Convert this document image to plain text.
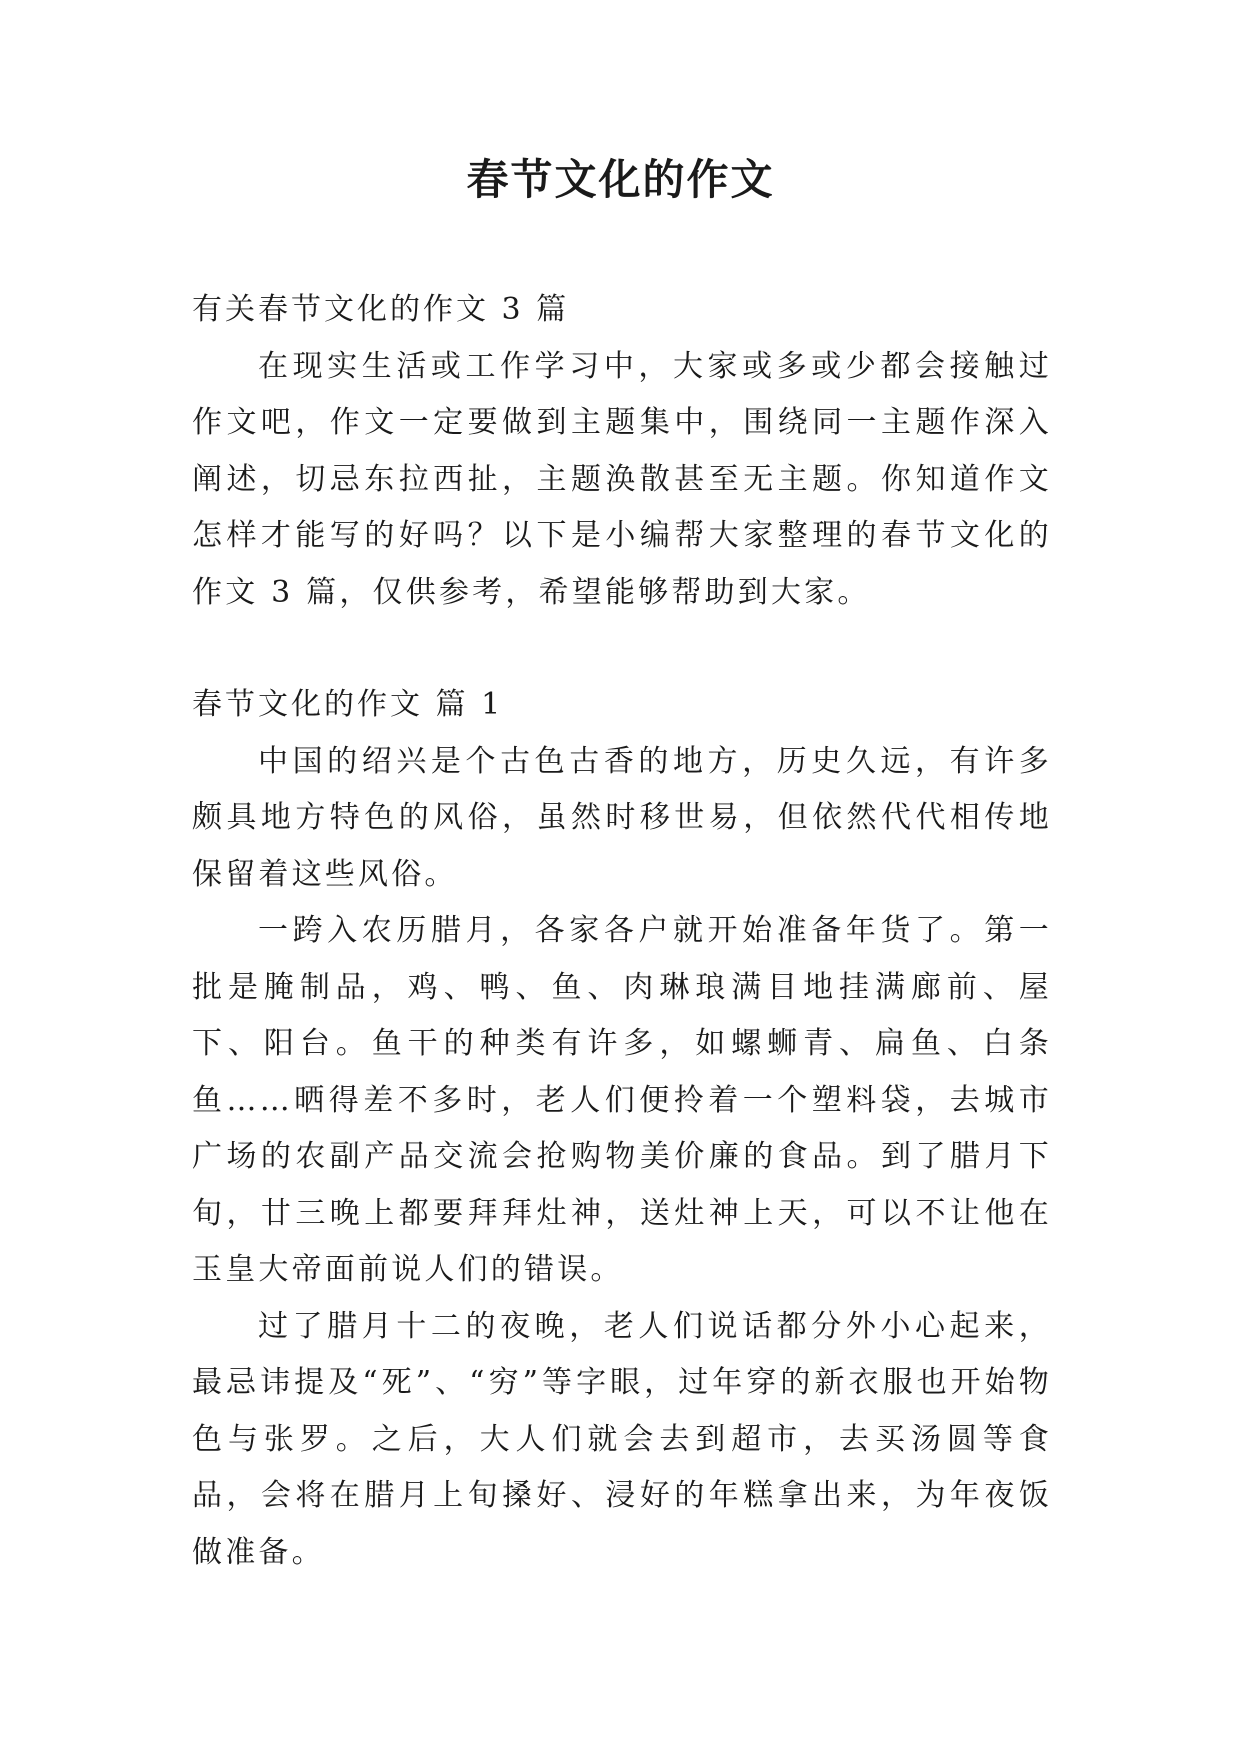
春节文化的作文

有关春节文化的作文 3 篇

在现实生活或工作学习中，大家或多或少都会接触过作文吧，作文一定要做到主题集中，围绕同一主题作深入阐述，切忌东拉西扯，主题涣散甚至无主题。你知道作文怎样才能写的好吗？以下是小编帮大家整理的春节文化的作文 3 篇，仅供参考，希望能够帮助到大家。

春节文化的作文 篇 1

中国的绍兴是个古色古香的地方，历史久远，有许多颇具地方特色的风俗，虽然时移世易，但依然代代相传地保留着这些风俗。

一跨入农历腊月，各家各户就开始准备年货了。第一批是腌制品，鸡、鸭、鱼、肉琳琅满目地挂满廊前、屋下、阳台。鱼干的种类有许多，如螺蛳青、扁鱼、白条鱼……晒得差不多时，老人们便拎着一个塑料袋，去城市广场的农副产品交流会抢购物美价廉的食品。到了腊月下旬，廿三晚上都要拜拜灶神，送灶神上天，可以不让他在玉皇大帝面前说人们的错误。

过了腊月十二的夜晚，老人们说话都分外小心起来，最忌讳提及“死”、“穷”等字眼，过年穿的新衣服也开始物色与张罗。之后，大人们就会去到超市，去买汤圆等食品，会将在腊月上旬搡好、浸好的年糕拿出来，为年夜饭做准备。
